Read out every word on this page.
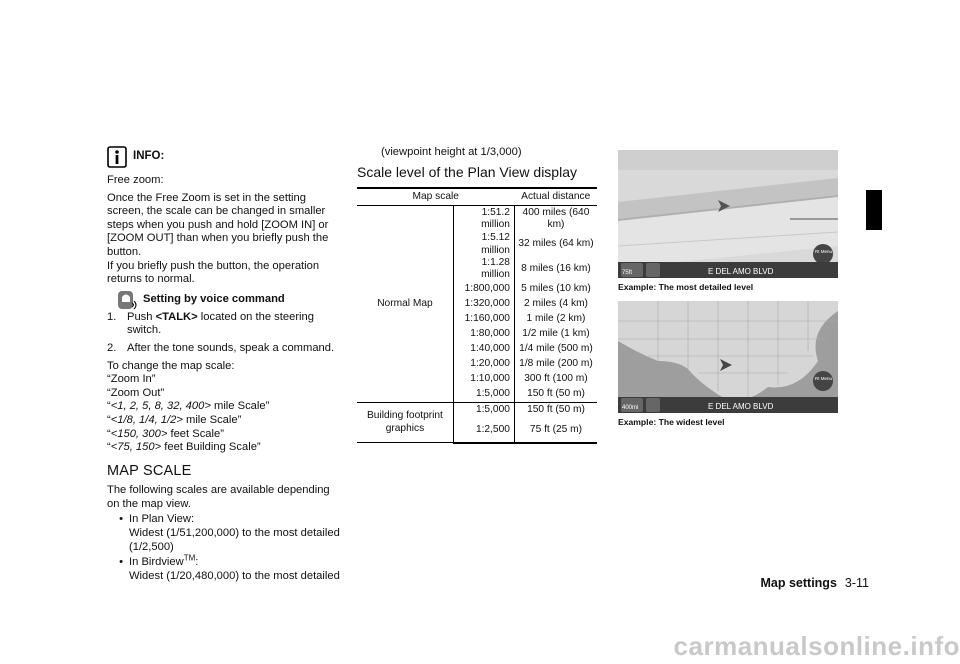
INFO:

Free zoom:

Once the Free Zoom is set in the setting screen, the scale can be changed in smaller steps when you push and hold [ZOOM IN] or [ZOOM OUT] than when you briefly push the button.

If you briefly push the button, the operation returns to normal.

Setting by voice command
1. Push <TALK> located on the steering switch.
2. After the tone sounds, speak a command.

To change the map scale:

“Zoom In”
“Zoom Out”
“<1, 2, 5, 8, 32, 400> mile Scale”
“<1/8, 1/4, 1/2> mile Scale”
“<150, 300> feet Scale”
“<75, 150> feet Building Scale”
MAP SCALE

The following scales are available depending on the map view.

• In Plan View:
Widest (1/51,200,000) to the most detailed (1/2,500)
• In Birdview™:
Widest (1/20,480,000) to the most detailed

(viewpoint height at 1/3,000)

Scale level of the Plan View display
Map scale		Actual distance
Normal Map	1:51.2 million	400 miles (640 km)
	1:5.12 million	32 miles (64 km)
	1:1.28 million	8 miles (16 km)
	1:800,000	5 miles (10 km)
	1:320,000	2 miles (4 km)
	1:160,000	1 mile (2 km)
	1:80,000	1/2 mile (1 km)
	1:40,000	1/4 mile (500 m)
	1:20,000	1/8 mile (200 m)
	1:10,000	300 ft (100 m)
	1:5,000	150 ft (50 m)
Building footprint graphics	1:5,000	150 ft (50 m)
	1:2,500	75 ft (25 m)
75ft
Rt Menu
E DEL AMO BLVD

Example: The most detailed level

400mi
Rt Menu
E DEL AMO BLVD

Example: The widest level

Map settings 3-11
carmanualsonline.info
